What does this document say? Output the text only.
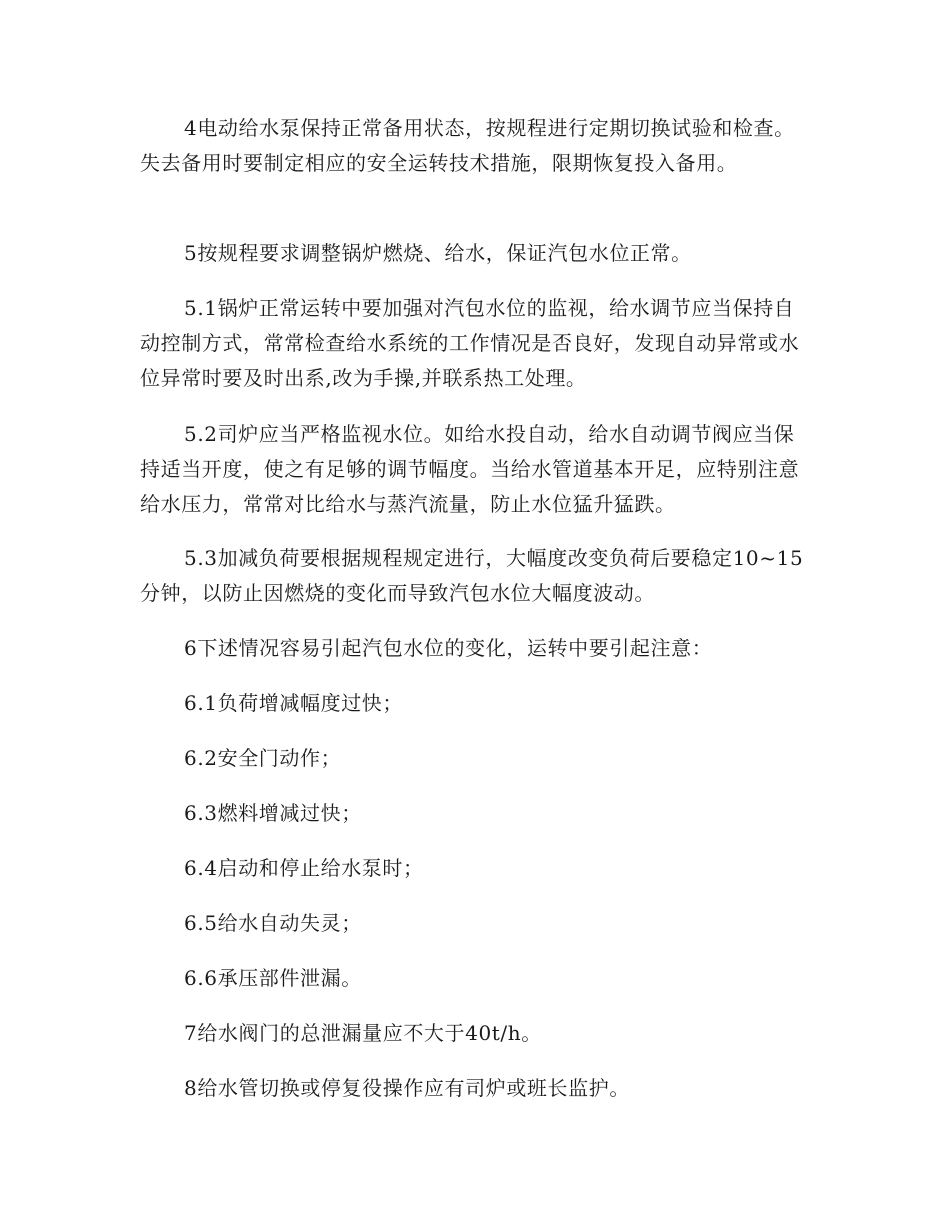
4电动给水泵保持正常备用状态，按规程进行定期切换试验和检查。失去备用时要制定相应的安全运转技术措施，限期恢复投入备用。

5按规程要求调整锅炉燃烧、给水，保证汽包水位正常。

5.1锅炉正常运转中要加强对汽包水位的监视，给水调节应当保持自动控制方式，常常检查给水系统的工作情况是否良好，发现自动异常或水位异常时要及时出系,改为手操,并联系热工处理。

5.2司炉应当严格监视水位。如给水投自动，给水自动调节阀应当保持适当开度，使之有足够的调节幅度。当给水管道基本开足，应特别注意给水压力，常常对比给水与蒸汽流量，防止水位猛升猛跌。

5.3加减负荷要根据规程规定进行，大幅度改变负荷后要稳定10~15分钟，以防止因燃烧的变化而导致汽包水位大幅度波动。

6下述情况容易引起汽包水位的变化，运转中要引起注意：

6.1负荷增减幅度过快；

6.2安全门动作；

6.3燃料增减过快；

6.4启动和停止给水泵时；

6.5给水自动失灵；

6.6承压部件泄漏。

7给水阀门的总泄漏量应不大于40t/h。

8给水管切换或停复役操作应有司炉或班长监护。
